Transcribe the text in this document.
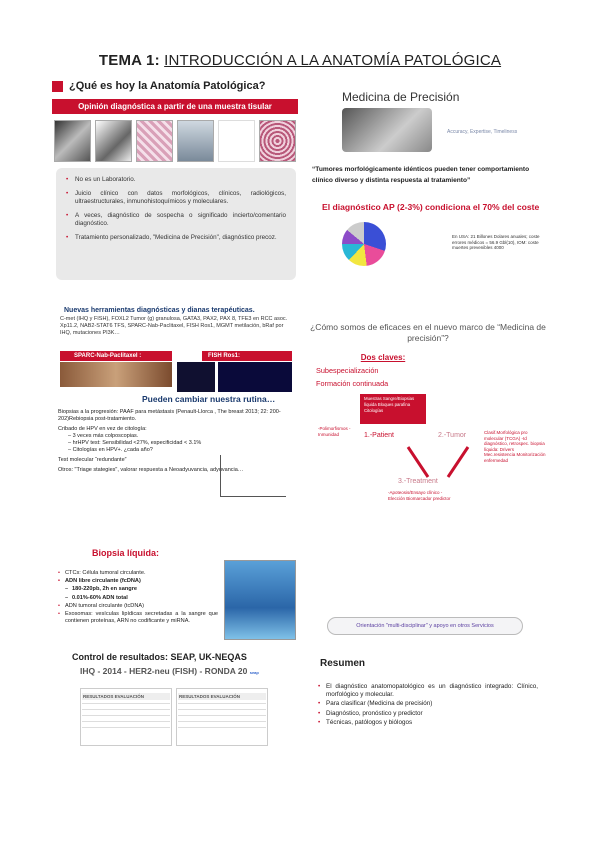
TEMA 1: INTRODUCCIÓN A LA ANATOMÍA PATOLÓGICA
¿Qué es hoy la Anatomía Patológica?
Opinión diagnóstica a partir de una muestra tisular
• No es un Laboratorio.
• Juicio clínico con datos morfológicos, clínicos, radiológicos, ultraestructurales, inmunohistoquímicos y moleculares.
• A veces, diagnóstico de sospecha o significado incierto/comentario diagnóstico.
• Tratamiento personalizado, "Medicina de Precisión", diagnóstico precoz.
Medicina de Precisión
Accuracy, Expertise, Timeliness
“Tumores morfológicamente idénticos pueden tener comportamiento clínico diverso y distinta respuesta al tratamiento”
El diagnóstico AP (2-3%) condiciona el 70% del coste
En USA: 21 Billones Dolares anuales; coste errores médicos = 56.9 Gbl(10), IOM: coste muertes prevenibles 4000
Nuevas herramientas diagnósticas y dianas terapéuticas.
C-met (IHQ y FISH), FOXL2 Tumor (g) granulosa, GATA3, PAX2, PAX 8, TFE3 en RCC asoc. Xp11.2, NAB2-STAT6 TFS, SPARC-Nab-Paclitaxel, FISH Ros1, MGMT metilación, bRaf por IHQ, mutaciones PI3K…
SPARC-Nab-Paclitaxel :	FISH Ros1:
Pueden cambiar nuestra rutina…
Biopsias a la progresión: PAAF para metástasis (Penault-Llorca , The breast 2013; 22: 200-202)Rebiopsia post-tratamiento.
Cribado de HPV en vez de citología:
– 3 veces más colposcopias.
– hrHPV test: Sensibilidad <27%, especificidad < 3.1%
– Citologías en HPV+. ¿cada año?
Test molecular “redundante”
Otros: "Triage stategies", valorar respuesta a Neoadyuvancia, adyuvancia…
¿Cómo somos de eficaces en el nuevo marco de “Medicina de precisión”?
Dos claves:
Subespecialización
Formación continuada
Muestras Sangre/Biopsias líquida Bloques parafina Citologías
-Polimorfismos -Inmunidad	1.-Patient	2.-Tumor	Clasif.Morfológica pro molecular (TCGA) -Id diagnóstico, retrospec. biopsia líquida: Drivers Mec.resistencia Monitorización enfermedad
3.-Treatment
-Apoteosis/Ensayo clínico -Elección Biomarcador predictor
Biopsia líquida:
• CTCs: Célula tumoral circulante.
• ADN libre circulante (fcDNA)
– 180-220pb, 2h en sangre
– 0.01%-60% ADN total
• ADN tumoral circulante (tcDNA)
• Exosomas: vesículas lipídicas secretadas a la sangre que contienen proteínas, ARN no codificante y miRNA.
Control de resultados: SEAP, UK-NEQAS
IHQ - 2014 - HER2-neu (FISH) - RONDA 20 seap
RESULTADOS EVALUACIÓN	RESULTADOS EVALUACIÓN
Orientación "multi-disciplinar" y apoyo en otros Servicios
Resumen
• El diagnóstico anatomopatológico es un diagnóstico integrado: Clínico, morfológico y molecular.
• Para clasificar (Medicina de precisión)
• Diagnóstico, pronóstico y predictor
• Técnicas, patólogos y biólogos
